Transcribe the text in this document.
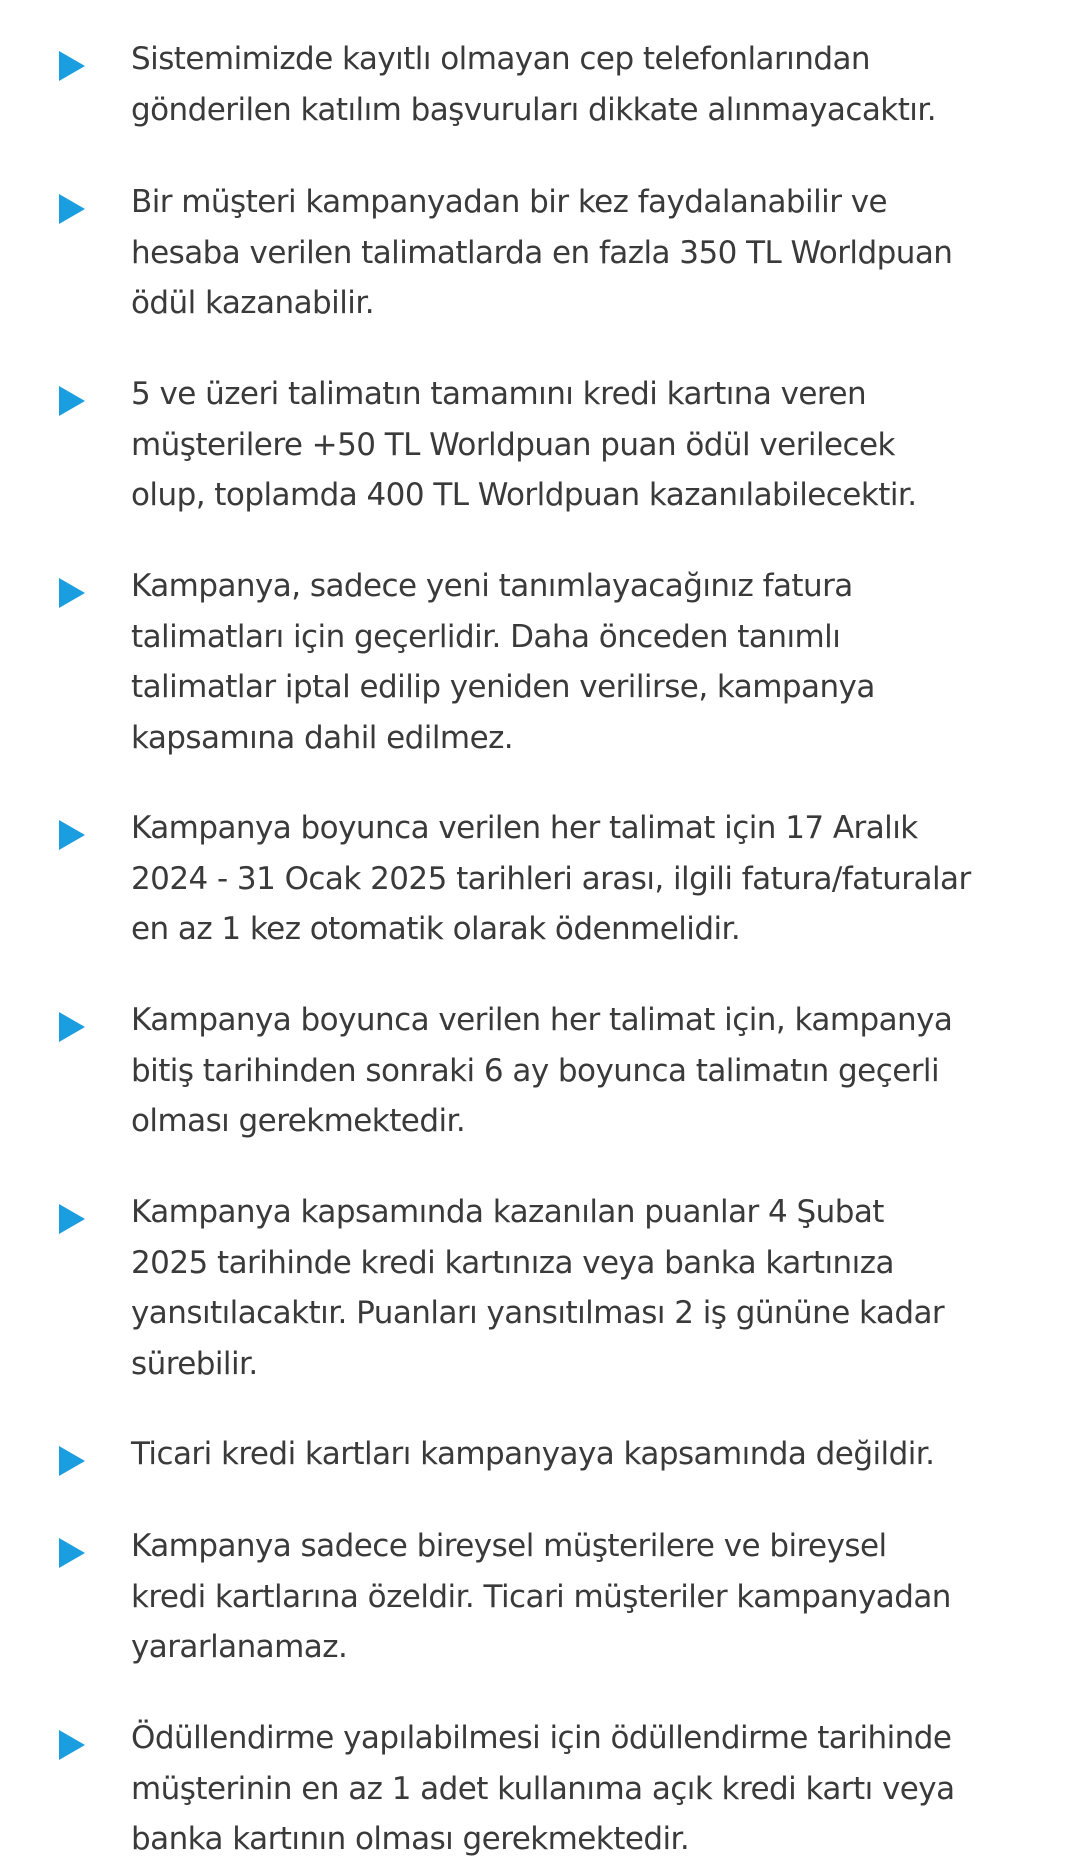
Sistemimizde kayıtlı olmayan cep telefonlarından
gönderilen katılım başvuruları dikkate alınmayacaktır.

Bir müşteri kampanyadan bir kez faydalanabilir ve
hesaba verilen talimatlarda en fazla 350 TL Worldpuan
ödül kazanabilir.

5 ve üzeri talimatın tamamını kredi kartına veren
müşterilere +50 TL Worldpuan puan ödül verilecek
olup, toplamda 400 TL Worldpuan kazanılabilecektir.

Kampanya, sadece yeni tanımlayacağınız fatura
talimatları için geçerlidir. Daha önceden tanımlı
talimatlar iptal edilip yeniden verilirse, kampanya
kapsamına dahil edilmez.

Kampanya boyunca verilen her talimat için 17 Aralık
2024 - 31 Ocak 2025 tarihleri arası, ilgili fatura/faturalar
en az 1 kez otomatik olarak ödenmelidir.

Kampanya boyunca verilen her talimat için, kampanya
bitiş tarihinden sonraki 6 ay boyunca talimatın geçerli
olması gerekmektedir.

Kampanya kapsamında kazanılan puanlar 4 Şubat
2025 tarihinde kredi kartınıza veya banka kartınıza
yansıtılacaktır. Puanları yansıtılması 2 iş gününe kadar
sürebilir.

Ticari kredi kartları kampanyaya kapsamında değildir.

Kampanya sadece bireysel müşterilere ve bireysel
kredi kartlarına özeldir. Ticari müşteriler kampanyadan
yararlanamaz.

Ödüllendirme yapılabilmesi için ödüllendirme tarihinde
müşterinin en az 1 adet kullanıma açık kredi kartı veya
banka kartının olması gerekmektedir.
